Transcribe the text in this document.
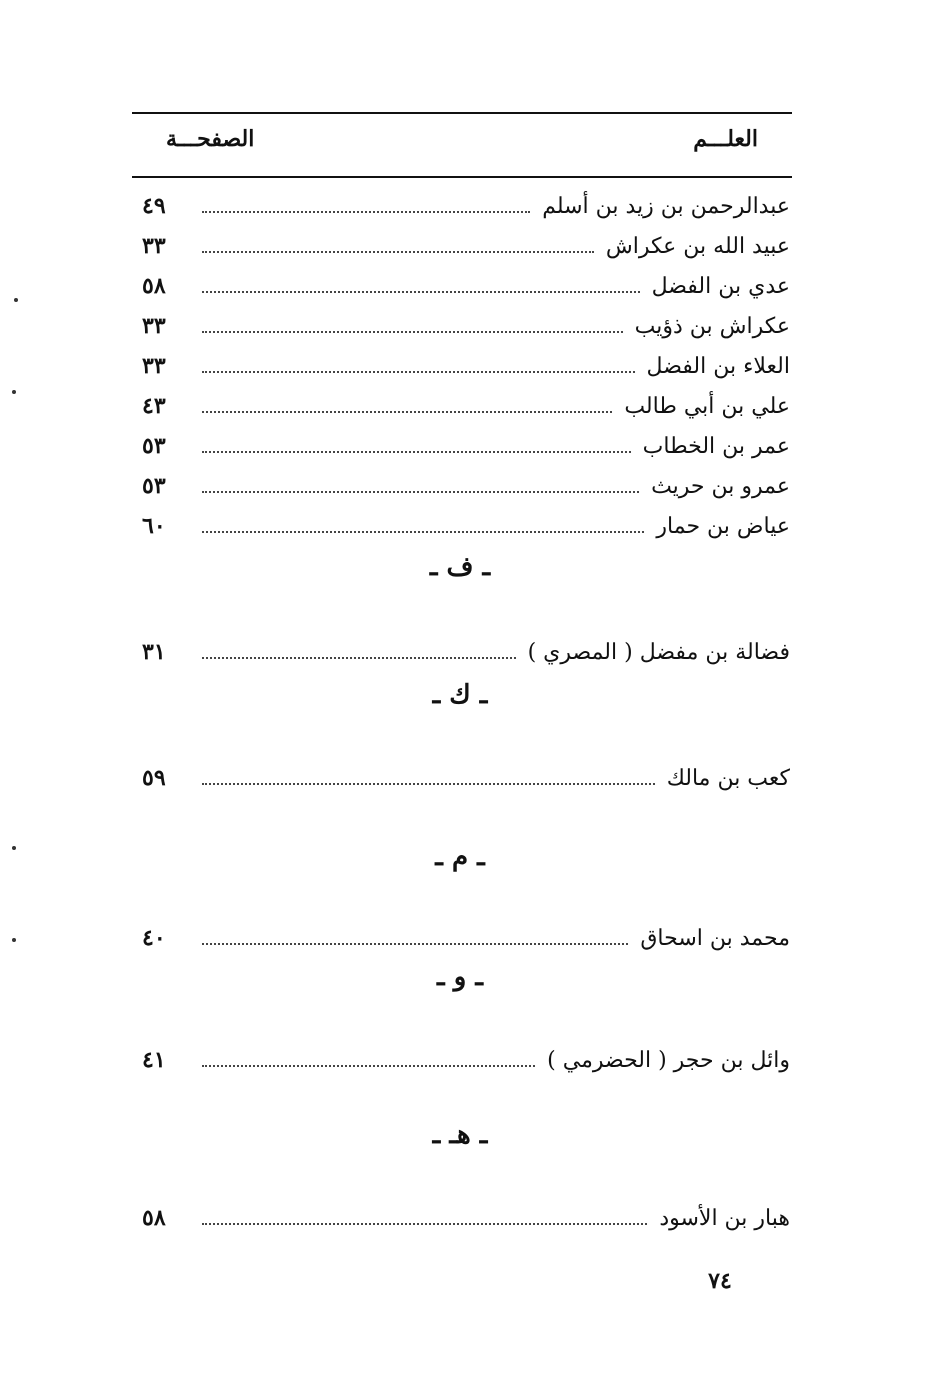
العلـــم
الصفحـــة
عبدالرحمن بن زيد بن أسلم
٤٩
عبيد الله بن عكراش
٣٣
عدي بن الفضل
٥٨
عكراش بن ذؤيب
٣٣
العلاء بن الفضل
٣٣
علي بن أبي طالب
٤٣
عمر بن الخطاب
٥٣
عمرو بن حريث
٥٣
عياض بن حمار
٦٠
ـ ف ـ
فضالة بن مفضل ( المصري )
٣١
ـ ك ـ
كعب بن مالك
٥٩
ـ م ـ
محمد بن اسحاق
٤٠
ـ و ـ
وائل بن حجر ( الحضرمي )
٤١
ـ هـ ـ
هبار بن الأسود
٥٨
٧٤
